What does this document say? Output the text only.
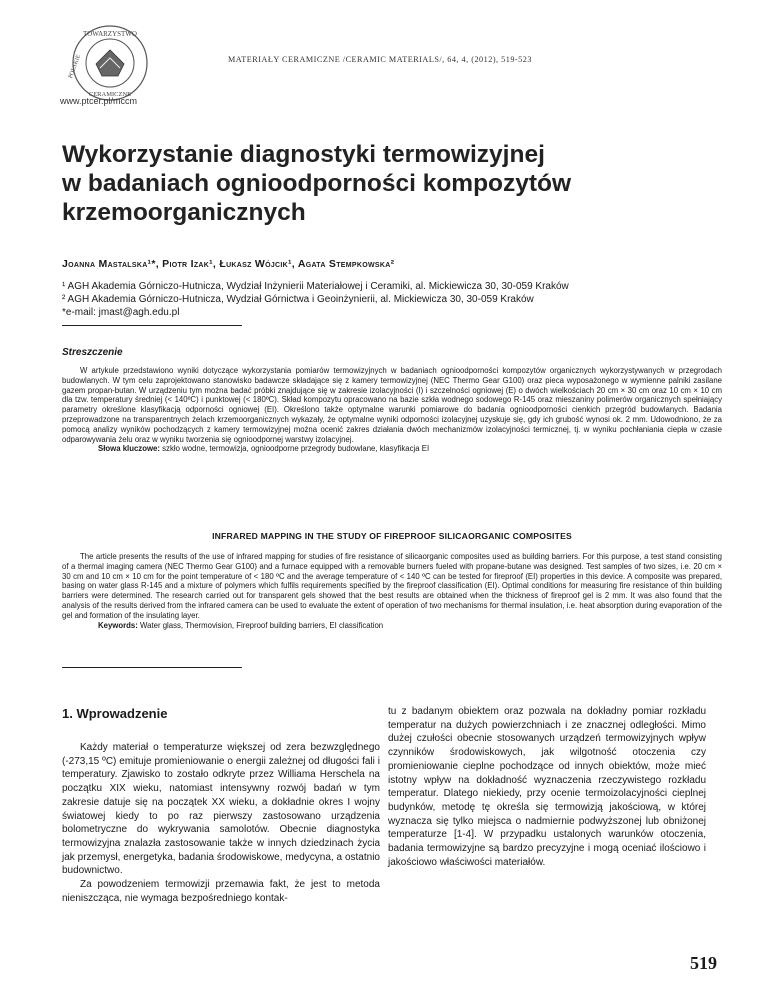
TOWARZYSTWO
POLSKIE
CERAMICZNE
MATERIAŁY CERAMICZNE /CERAMIC MATERIALS/, 64, 4, (2012), 519-523
www.ptcer.pl/mccm
Wykorzystanie diagnostyki termowizyjnej
w badaniach ognioodporności kompozytów
krzemoorganicznych
Joanna Mastalska¹*, Piotr Izak¹, Łukasz Wójcik¹, Agata Stempkowska²
¹ AGH Akademia Górniczo-Hutnicza, Wydział Inżynierii Materiałowej i Ceramiki, al. Mickiewicza 30, 30-059 Kraków
² AGH Akademia Górniczo-Hutnicza, Wydział Górnictwa i Geoinżynierii, al. Mickiewicza 30, 30-059 Kraków
*e-mail: jmast@agh.edu.pl
Streszczenie

W artykule przedstawiono wyniki dotyczące wykorzystania pomiarów termowizyjnych w badaniach ognioodporności kompozytów organicznych wykorzystywanych w przegrodach budowlanych. W tym celu zaprojektowano stanowisko badawcze składające się z kamery termowizyjnej (NEC Thermo Gear G100) oraz pieca wyposażonego w wymienne palniki zasilane gazem propan-butan. W urządzeniu tym można badać próbki znajdujące się w zakresie izolacyjności (I) i szczelności ogniowej (E) o dwóch wielkościach 20 cm × 30 cm oraz 10 cm × 10 cm dla tzw. temperatury średniej (< 140ºC) i punktowej (< 180ºC). Skład kompozytu opracowano na bazie szkła wodnego sodowego R-145 oraz mieszaniny polimerów organicznych spełniający parametry określone klasyfikacją odporności ogniowej (EI). Określono także optymalne warunki pomiarowe do badania ognioodporności cienkich przegród budowlanych. Badania przeprowadzone na transparentnych żelach krzemoorganicznych wykazały, że optymalne wyniki odporności izolacyjnej uzyskuje się, gdy ich grubość wynosi ok. 2 mm. Udowodniono, że za pomocą analizy wyników pochodzących z kamery termowizyjnej można ocenić zakres działania dwóch mechanizmów izolacyjności termicznej, tj. w wyniku pochłaniania ciepła w czasie odparowywania żelu oraz w wyniku tworzenia się ognioodpornej warstwy izolacyjnej.

Słowa kluczowe: szkło wodne, termowizja, ognioodporne przegrody budowlane, klasyfikacja EI
INFRARED MAPPING IN THE STUDY OF FIREPROOF SILICAORGANIC COMPOSITES

The article presents the results of the use of infrared mapping for studies of fire resistance of silicaorganic composites used as building barriers. For this purpose, a test stand consisting of a thermal imaging camera (NEC Thermo Gear G100) and a furnace equipped with a removable burners fueled with propane-butane was designed. Test samples of two sizes, i.e. 20 cm × 30 cm and 10 cm × 10 cm for the point temperature of < 180 ºC and the average temperature of < 140 ºC can be tested for fireproof (EI) properties in this device. A composite was prepared, basing on water glass R-145 and a mixture of polymers which fulfils requirements specified by the fireproof classification (EI). Optimal conditions for measuring fire resistance of thin building barriers were determined. The research carried out for transparent gels showed that the best results are obtained when the thickness of fireproof gel is 2 mm. It was also found that the analysis of the results derived from the infrared camera can be used to evaluate the extent of operation of two mechanisms for thermal insulation, i.e. heat absorption during evaporation of the gel and formation of the insulating layer.

Keywords: Water glass, Thermovision, Fireproof building barriers, EI classification
1. Wprowadzenie

Każdy materiał o temperaturze większej od zera bezwzględnego (-273,15 ºC) emituje promieniowanie o energii zależnej od długości fali i temperatury. Zjawisko to zostało odkryte przez Williama Herschela na początku XIX wieku, natomiast intensywny rozwój badań w tym zakresie datuje się na początek XX wieku, a dokładnie okres I wojny światowej kiedy to po raz pierwszy zastosowano urządzenia bolometryczne do wykrywania samolotów. Obecnie diagnostyka termowizyjna znalazła zastosowanie także w innych dziedzinach życia jak przemysł, energetyka, badania środowiskowe, medycyna, a ostatnio budownictwo.

Za powodzeniem termowizji przemawia fakt, że jest to metoda nieniszcząca, nie wymaga bezpośredniego kontak-

tu z badanym obiektem oraz pozwala na dokładny pomiar rozkładu temperatur na dużych powierzchniach i ze znacznej odległości. Mimo dużej czułości obecnie stosowanych urządzeń termowizyjnych wpływ czynników środowiskowych, jak wilgotność otoczenia czy promieniowanie cieplne pochodzące od innych obiektów, może mieć istotny wpływ na dokładność wyznaczenia rzeczywistego rozkładu temperatur. Dlatego niekiedy, przy ocenie termoizolacyjności cieplnej budynków, metodę tę określa się termowizją jakościową, w której wyznacza się tylko miejsca o nadmiernie podwyższonej lub obniżonej temperaturze [1-4]. W przypadku ustalonych warunków otoczenia, badania termowizyjne są bardzo precyzyjne i mogą oceniać ilościowo i jakościowo właściwości materiałów.

519
